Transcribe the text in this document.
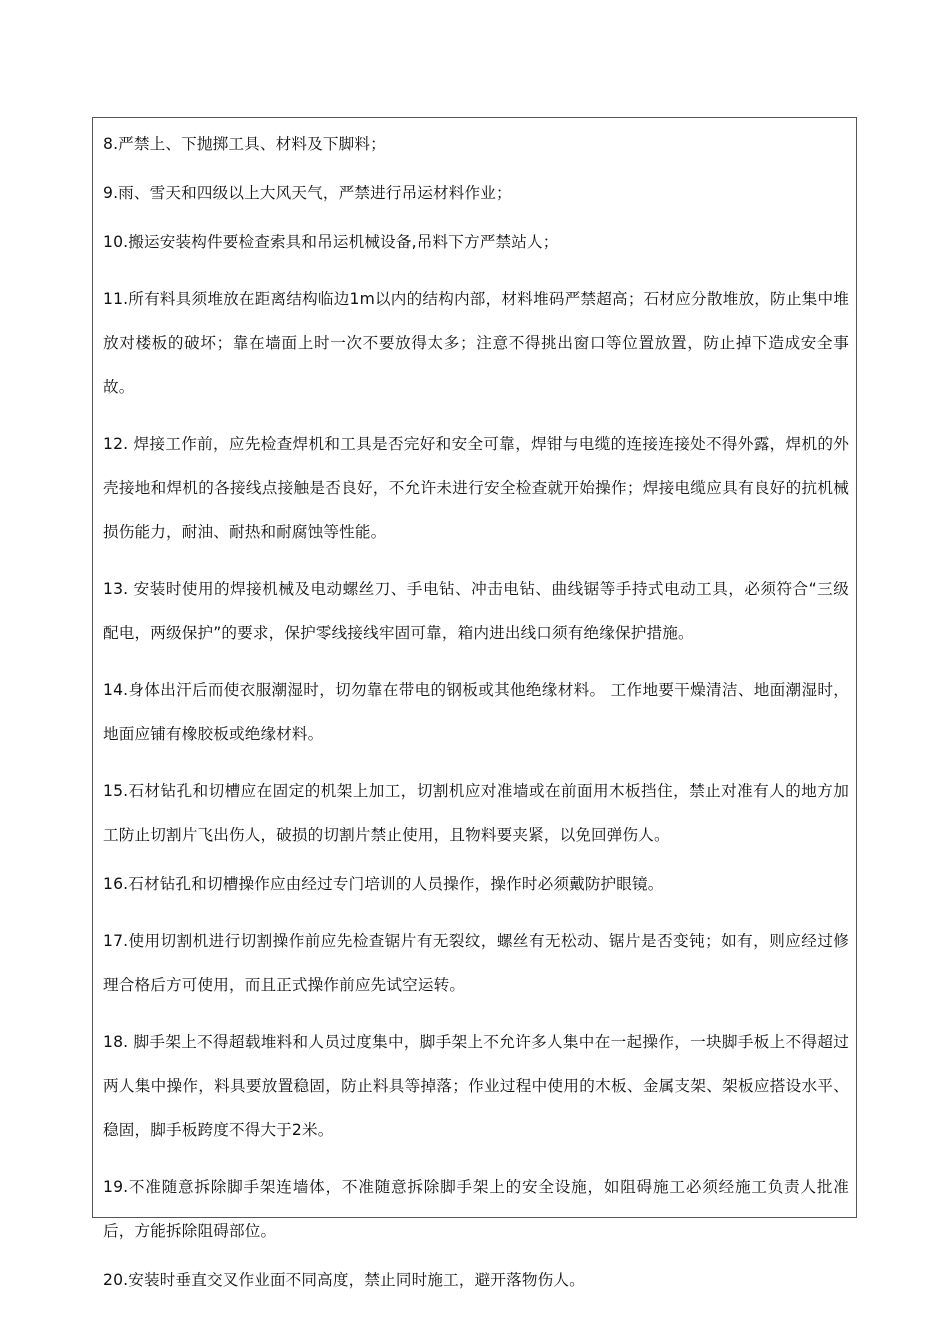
8.严禁上、下抛掷工具、材料及下脚料；

9.雨、雪天和四级以上大风天气，严禁进行吊运材料作业；

10.搬运安装构件要检查索具和吊运机械设备,吊料下方严禁站人；

11.所有料具须堆放在距离结构临边1m以内的结构内部，材料堆码严禁超高；石材应分散堆放，防止集中堆放对楼板的破坏；靠在墙面上时一次不要放得太多；注意不得挑出窗口等位置放置，防止掉下造成安全事故。

12. 焊接工作前，应先检查焊机和工具是否完好和安全可靠，焊钳与电缆的连接连接处不得外露，焊机的外壳接地和焊机的各接线点接触是否良好，不允许未进行安全检查就开始操作；焊接电缆应具有良好的抗机械损伤能力，耐油、耐热和耐腐蚀等性能。

13. 安装时使用的焊接机械及电动螺丝刀、手电钻、冲击电钻、曲线锯等手持式电动工具，必须符合“三级配电，两级保护”的要求，保护零线接线牢固可靠，箱内进出线口须有绝缘保护措施。

14.身体出汗后而使衣服潮湿时，切勿靠在带电的钢板或其他绝缘材料。 工作地要干燥清洁、地面潮湿时，地面应铺有橡胶板或绝缘材料。

15.石材钻孔和切槽应在固定的机架上加工，切割机应对准墙或在前面用木板挡住，禁止对准有人的地方加工防止切割片飞出伤人，破损的切割片禁止使用，且物料要夹紧，以免回弹伤人。

16.石材钻孔和切槽操作应由经过专门培训的人员操作，操作时必须戴防护眼镜。

17.使用切割机进行切割操作前应先检查锯片有无裂纹，螺丝有无松动、锯片是否变钝；如有，则应经过修理合格后方可使用，而且正式操作前应先试空运转。

18. 脚手架上不得超载堆料和人员过度集中，脚手架上不允许多人集中在一起操作，一块脚手板上不得超过两人集中操作，料具要放置稳固，防止料具等掉落；作业过程中使用的木板、金属支架、架板应搭设水平、稳固，脚手板跨度不得大于2米。

19.不准随意拆除脚手架连墙体，不准随意拆除脚手架上的安全设施，如阻碍施工必须经施工负责人批准后，方能拆除阻碍部位。

20.安装时垂直交叉作业面不同高度，禁止同时施工，避开落物伤人。
